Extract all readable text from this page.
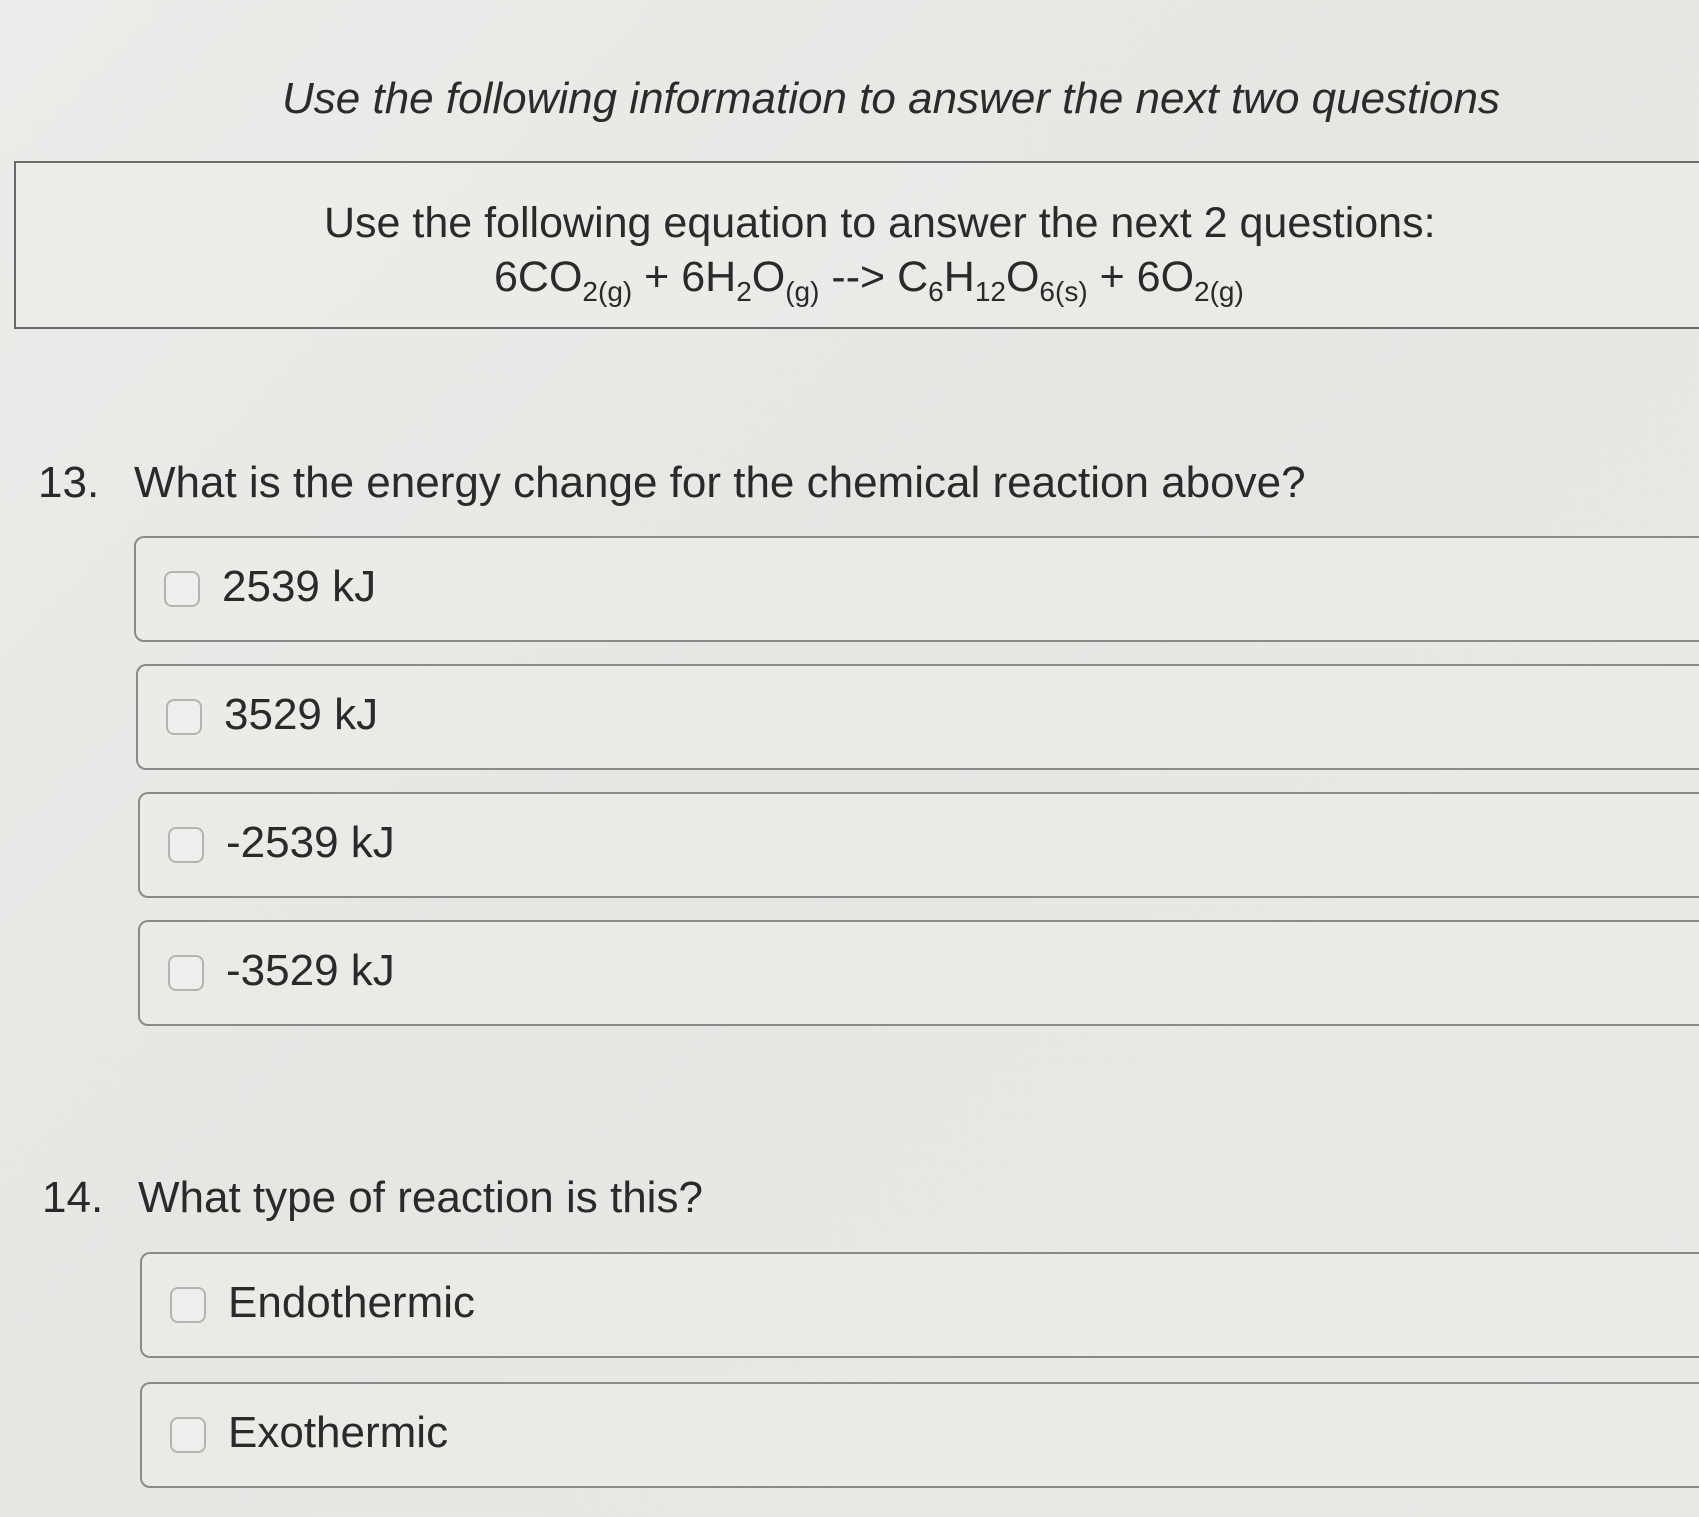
Use the following information to answer the next two questions
Use the following equation to answer the next 2 questions:
$6CO_{2(g)} + 6H_2O_{(g)}$ --> $C_6H_{12}O_{6(s)} + 6O_{2(g)}$
13. What is the energy change for the chemical reaction above?
2539 kJ
3529 kJ
-2539 kJ
-3529 kJ
14. What type of reaction is this?
Endothermic
Exothermic
